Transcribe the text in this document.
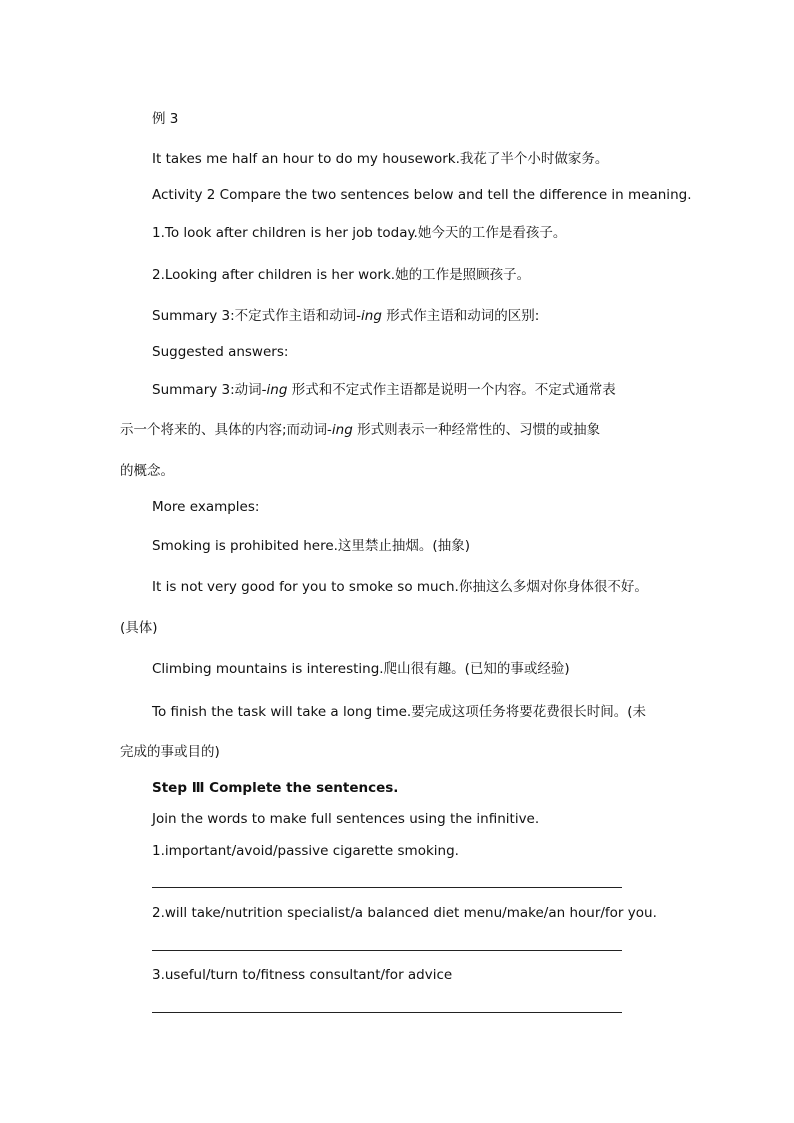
例 3
It takes me half an hour to do my housework.我花了半个小时做家务。
Activity 2 Compare the two sentences below and tell the difference in meaning.
1.To look after children is her job today.她今天的工作是看孩子。
2.Looking after children is her work.她的工作是照顾孩子。
Summary 3:不定式作主语和动词-ing 形式作主语和动词的区别:
Suggested answers:
Summary 3:动词-ing 形式和不定式作主语都是说明一个内容。不定式通常表
示一个将来的、具体的内容;而动词-ing 形式则表示一种经常性的、习惯的或抽象
的概念。
More examples:
Smoking is prohibited here.这里禁止抽烟。(抽象)
It is not very good for you to smoke so much.你抽这么多烟对你身体很不好。
(具体)
Climbing mountains is interesting.爬山很有趣。(已知的事或经验)
To finish the task will take a long time.要完成这项任务将要花费很长时间。(未
完成的事或目的)
Step Ⅲ Complete the sentences.
Join the words to make full sentences using the infinitive.
1.important/avoid/passive cigarette smoking.
2.will take/nutrition specialist/a balanced diet menu/make/an hour/for you.
3.useful/turn to/fitness consultant/for advice
